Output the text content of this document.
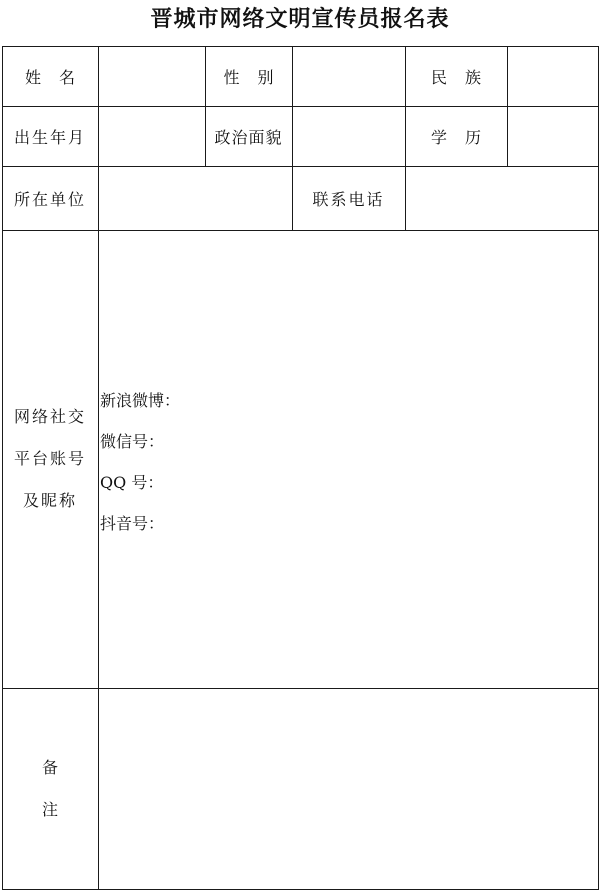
晋城市网络文明宣传员报名表
姓名	性别	民族
出生年月	政治面貌	学历
所在单位	联系电话
网络社交
平台账号
及昵称
新浪微博：
微信号：
QQ 号：
抖音号：
备
注
